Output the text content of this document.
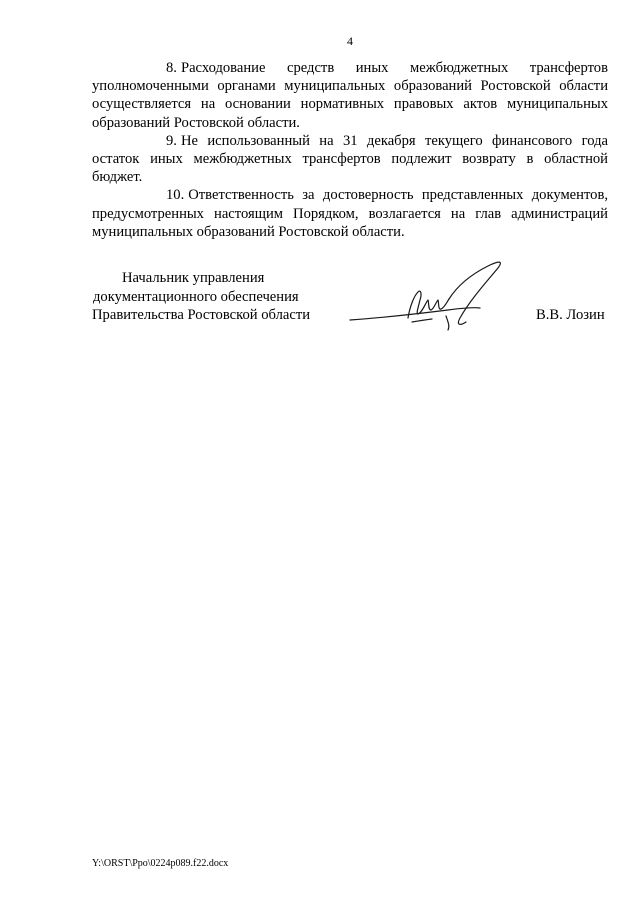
4

8. Расходование средств иных межбюджетных трансфертов уполномоченными органами муниципальных образований Ростовской области осуществляется на основании нормативных правовых актов муниципальных образований Ростовской области.

9. Не использованный на 31 декабря текущего финансового года остаток иных межбюджетных трансфертов подлежит возврату в областной бюджет.

10. Ответственность за достоверность представленных документов, предусмотренных настоящим Порядком, возлагается на глав администраций муниципальных образований Ростовской области.

Начальник управления
документационного обеспечения
Правительства Ростовской области	В.В. Лозин
Y:\ORST\Ppo\0224p089.f22.docx
